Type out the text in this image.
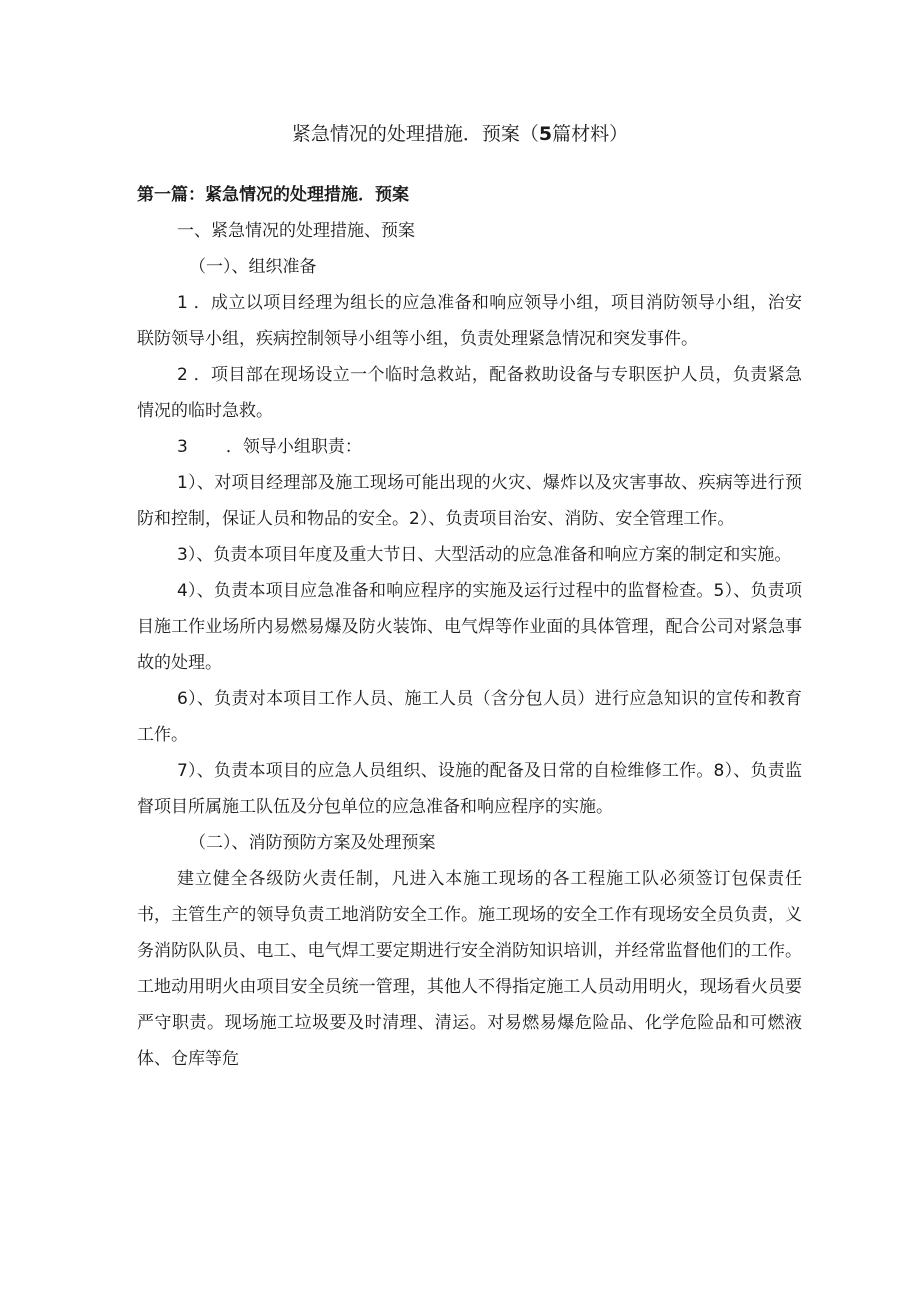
紧急情况的处理措施．预案（5篇材料）

第一篇：紧急情况的处理措施．预案

一、紧急情况的处理措施、预案

（一）、组织准备

1 ．成立以项目经理为组长的应急准备和响应领导小组，项目消防领导小组，治安联防领导小组，疾病控制领导小组等小组，负责处理紧急情况和突发事件。

2 ．项目部在现场设立一个临时急救站，配备救助设备与专职医护人员，负责紧急情况的临时急救。

3 ．领导小组职责：

1）、对项目经理部及施工现场可能出现的火灾、爆炸以及灾害事故、疾病等进行预防和控制，保证人员和物品的安全。2）、负责项目治安、消防、安全管理工作。

3）、负责本项目年度及重大节日、大型活动的应急准备和响应方案的制定和实施。

4）、负责本项目应急准备和响应程序的实施及运行过程中的监督检查。5）、负责项目施工作业场所内易燃易爆及防火装饰、电气焊等作业面的具体管理，配合公司对紧急事故的处理。

6）、负责对本项目工作人员、施工人员（含分包人员）进行应急知识的宣传和教育工作。

7）、负责本项目的应急人员组织、设施的配备及日常的自检维修工作。8）、负责监督项目所属施工队伍及分包单位的应急准备和响应程序的实施。

（二）、消防预防方案及处理预案

建立健全各级防火责任制，凡进入本施工现场的各工程施工队必须签订包保责任书，主管生产的领导负责工地消防安全工作。施工现场的安全工作有现场安全员负责，义务消防队队员、电工、电气焊工要定期进行安全消防知识培训，并经常监督他们的工作。工地动用明火由项目安全员统一管理，其他人不得指定施工人员动用明火，现场看火员要严守职责。现场施工垃圾要及时清理、清运。对易燃易爆危险品、化学危险品和可燃液体、仓库等危
